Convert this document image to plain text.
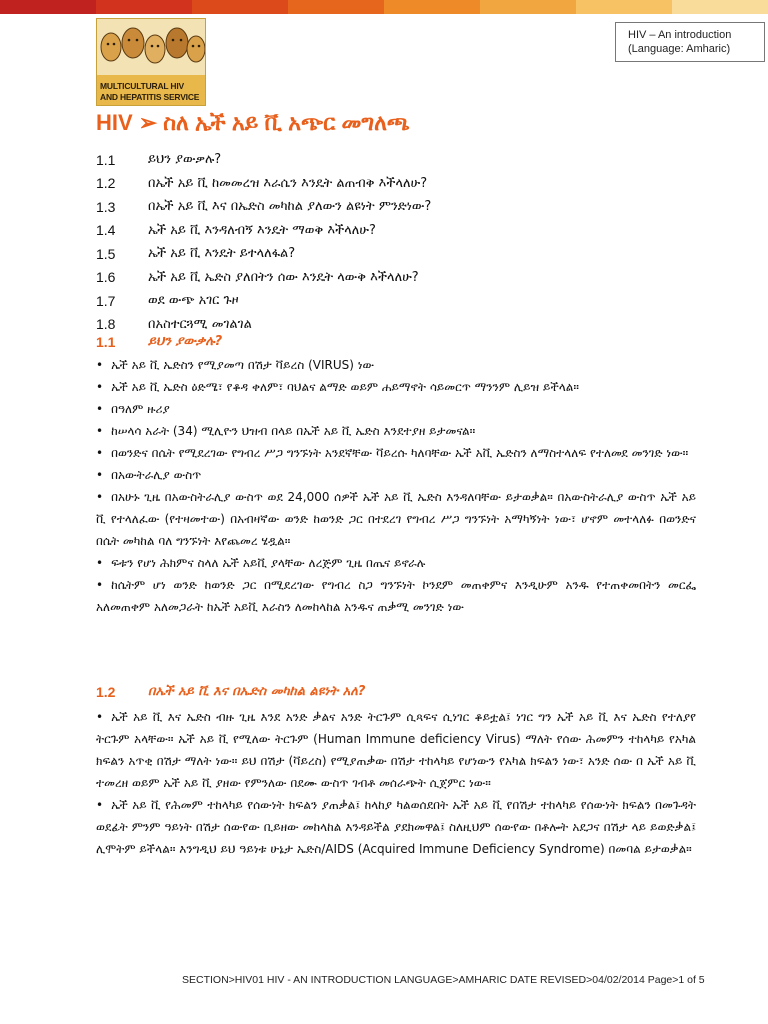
MULTICULTURAL HIV
AND HEPATITIS SERVICE
HIV – An introduction
(Language: Amharic)
HIV ➢ ስለ ኤች አይ ቪ አጭር መግለጫ
1.1	ይህን ያውቃሉ?
1.2	በኤች አይ ቪ ከመመረዝ እራሴን እንዴት ልጠብቅ እችላለሁ?
1.3	በኤች አይ ቪ እና በኤድስ መካከል ያለውን ልዩነት ምንድነው?
1.4	ኤች አይ ቪ እንዳለብኝ እንዴት ማወቅ እችላለሁ?
1.5	ኤች አይ ቪ እንዴት ይተላለፋል?
1.6	ኤች አይ ቪ ኤድስ ያለበትን ሰው እንዴት ላውቅ እችላለሁ?
1.7	ወደ ውጭ አገር ጉዞ
1.8	በአስተርጓሚ መገልገል
1.1	ይህን ያውቃሉ?
• ኤች አይ ቪ ኤድስን የሚያመጣ በሽታ ቫይረስ (VIRUS) ነው
• ኤች አይ ቪ ኤድስ ዕድሜ፣ የቆዳ ቀለም፣ ባህልና ልማድ ወይም ሐይማኖት ሳይመርጥ ማንንም ሊይዝ ይችላል።
• በዓለም ዙሪያ
• ከሠላሳ አራት (34) ሚሊዮን ህዝብ በላይ በኤች አይ ቪ ኤድስ እንደተያዘ ይታመናል።
• በወንድና በሴት የሚደረገው የግብረ ሥጋ ግንኙነት አንደኛቸው ቫይረሱ ካለባቸው ኤች አቪ ኤድስን ለማስተላለፍ የተለመደ መንገድ ነው።
• በአውትራሊያ ውስጥ
• በአሁኑ ጊዜ በአውስትራሊያ ውስጥ ወደ 24,000 ሰዎች ኤች አይ ቪ ኤድስ እንዳለባቸው ይታወቃል። በአውስትራሊያ ውስጥ ኤች አይ ቪ የተላለፈው (የተዛመተው) በአብዛኛው ወንድ ከወንድ ጋር በተደረገ የግብረ ሥጋ ግንኙነት አማካኝነት ነው፣ ሆኖም መተላለፉ በወንድና በሴት መካከል ባለ ግንኙነት እየጨመረ ሄዷል።
• ፍቱን የሆነ ሕክምና ስላለ ኤች አይቪ ያላቸው ለረጅም ጊዜ በጤና ይኖራሉ
• ከሴትም ሆነ ወንድ ከወንድ ጋር በሚደረገው የግብረ ስጋ ግንኙነት ኮንደም መጠቀምና እንዲሁም አንዱ የተጠቀመበትን መርፌ አለመጠቀም አለመጋራት ከኤች አይቪ እራስን ለመከላከል አንዱና ጠቃሚ መንገድ ነው
1.2	በኤች አይ ቪ እና በኤድስ መካከል ልዩነት አለ?
• ኤች አይ ቪ እና ኤድስ ብዙ ጊዜ እንደ አንድ ቃልና አንድ ትርጉም ሲጻፍና ሲነገር ቆይቷል፤ ነገር ግን ኤች አይ ቪ እና ኤድስ የተለያየ ትርጉም አላቸው። ኤች አይ ቪ የሚለው ትርጉም (Human Immune deficiency Virus) ማለት የሰው ሕመምን ተከላካይ የአካል ክፍልን አጥቂ በሽታ ማለት ነው። ይህ በሽታ (ቫይረስ) የሚያጠቃው በሽታ ተከላካይ የሆነውን የአካል ክፍልን ነው፣ አንድ ሰው በ ኤች አይ ቪ ተመረዘ ወይም ኤች አይ ቪ ያዘው የምንለው በደሙ ውስጥ ገብቶ መሰራጭት ሲጀምር ነው።
• ኤች አይ ቪ የሕመም ተከላካይ የሰውነት ክፍልን ያጠቃል፤ ከላከያ ካልወሰደበት ኤች አይ ቪ የበሽታ ተከላካይ የሰውነት ክፍልን በመጉዳት ወደፊት ምንም ዓይነት በሽታ ሰውየው ቢይዘው መከላከል እንዳይችል ያደክመዋል፤ ስለዚህም ሰውየው በቶሎት አደጋና በሽታ ላይ ይወድቃል፤ ሊሞትም ይችላል። እንግዲህ ይህ ዓይነቱ ሁኔታ ኤድስ/AIDS (Acquired Immune Deficiency Syndrome) በመባል ይታወቃል።
SECTION>HIV01 HIV - AN INTRODUCTION LANGUAGE>AMHARIC DATE REVISED>04/02/2014 Page>1 of 5
